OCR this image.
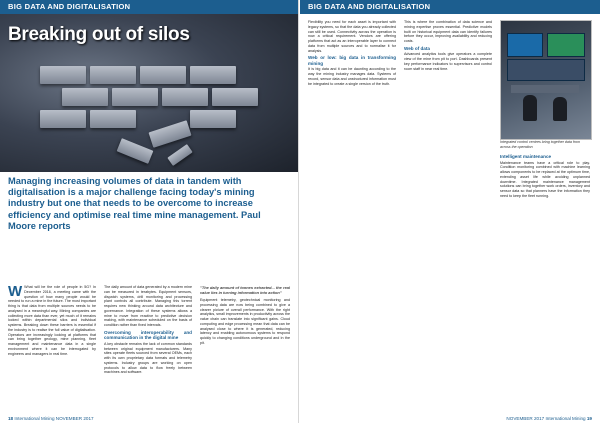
BIG DATA AND DIGITALISATION
Breaking out of silos
Managing increasing volumes of data in tandem with digitalisation is a major challenge facing today's mining industry but one that needs to be overcome to increase efficiency and optimise real time mine management. Paul Moore reports

W What will be the role of people in 5G? In December 2016, a meeting came with the question of how many people would be needed to run a mine in the future. The most important thing is that data from multiple sources needs to be analysed in a meaningful way. Mining companies are collecting more data than ever, yet much of it remains locked within departmental silos and individual systems. Breaking down these barriers is essential if the industry is to realise the full value of digitalisation. Operators are increasingly looking at platforms that can bring together geology, mine planning, fleet management and maintenance data in a single environment where it can be interrogated by engineers and managers in real time.

The daily amount of data generated by a modern mine can be measured in terabytes. Equipment sensors, dispatch systems, drill monitoring and processing plant controls all contribute. Managing this torrent requires new thinking around data architecture and governance. Integration of these systems allows a mine to move from reactive to predictive decision making, with maintenance scheduled on the basis of condition rather than fixed intervals.

Overcoming interoperability and communication in the digital mine

A key obstacle remains the lack of common standards between original equipment manufacturers. Many sites operate fleets sourced from several OEMs, each with its own proprietary data formats and telemetry systems. Industry groups are working on open protocols to allow data to flow freely between machines and software.

"The daily amount of tonnes extracted... the real value lies in turning information into action"

Equipment telemetry, geotechnical monitoring and processing data are now being combined to give a clearer picture of overall performance. With the right analytics, small improvements in productivity across the value chain can translate into significant gains. Cloud computing and edge processing mean that data can be analysed close to where it is generated, reducing latency and enabling autonomous systems to respond quickly to changing conditions underground and in the pit.

18 International Mining NOVEMBER 2017
BIG DATA AND DIGITALISATION

Flexibility you need for each asset is important with legacy systems, so that the data you already collected can still be used. Connectivity across the operation is now a critical requirement. Vendors are offering platforms that act as an interoperable layer to connect data from multiple sources and to normalise it for analysis.

Web or low: big data in transforming mining

It is big data and it can be daunting according to the way the mining industry manages data. Systems of record, sensor data and unstructured information must be integrated to create a single version of the truth.

This is where the combination of data science and mining expertise proves essential. Predictive models built on historical equipment data can identify failures before they occur, improving availability and reducing costs.

Web of data

Advanced analytics tools give operators a complete view of the mine from pit to port. Dashboards present key performance indicators to supervisors and control room staff in near real time.

Integrated control centres bring together data from across the operation
Intelligent maintenance

Maintenance teams have a critical role to play. Condition monitoring combined with machine learning allows components to be replaced at the optimum time, extending asset life while avoiding unplanned downtime. Integrated maintenance management solutions can bring together work orders, inventory and sensor data so that planners have the information they need to keep the fleet running.

NOVEMBER 2017 International Mining 19
